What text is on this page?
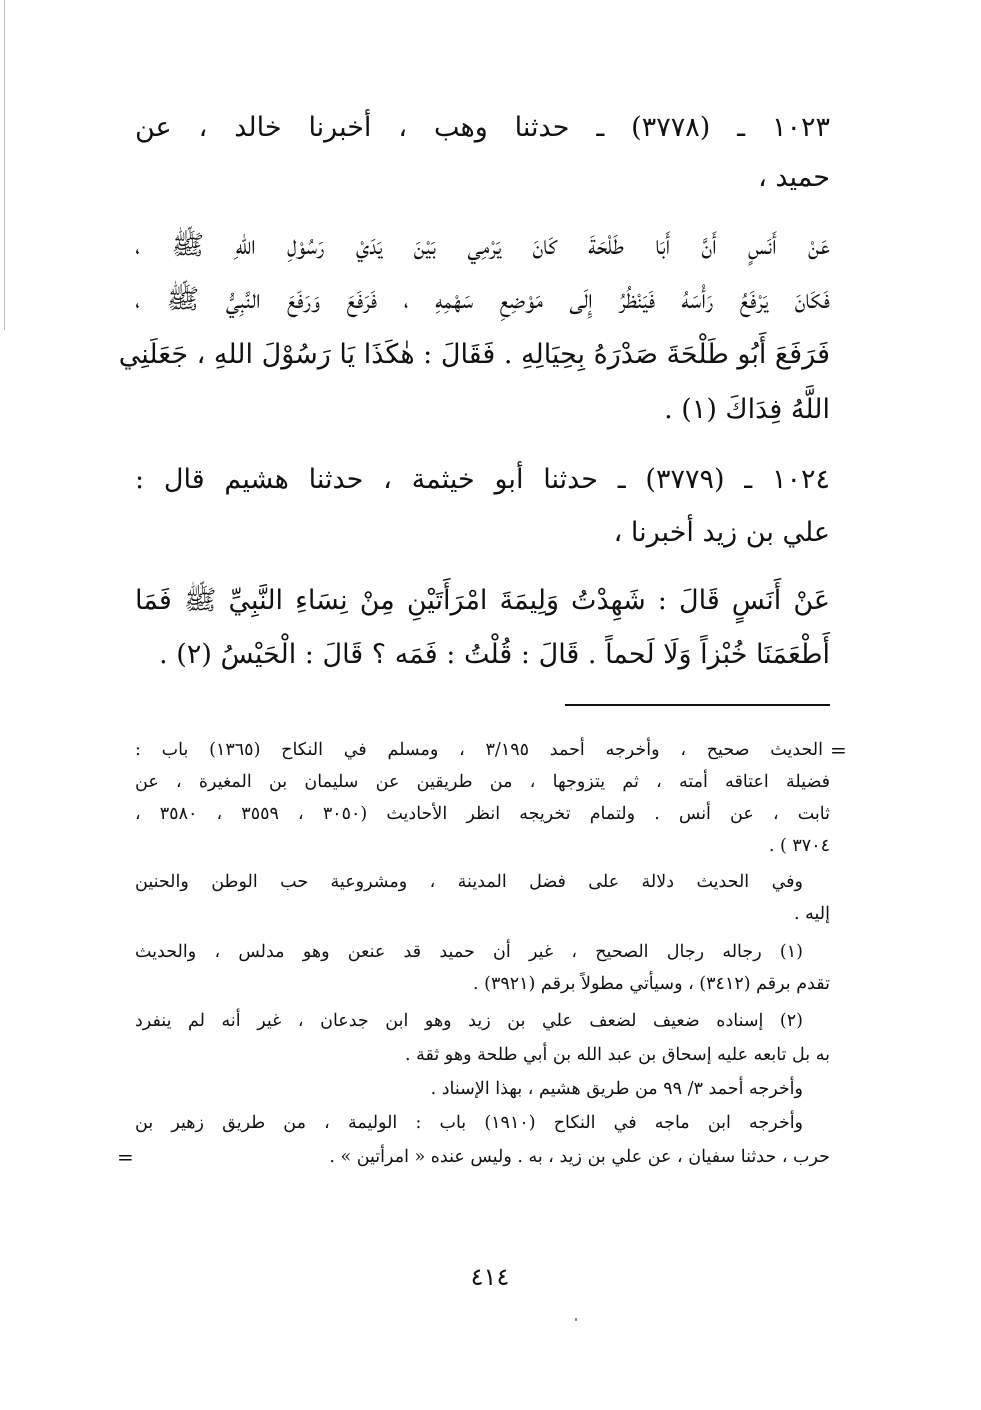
١٠٢٣ ـ (٣٧٧٨) ـ حدثنا وهب ، أخبرنا خالد ، عن
حميد ،
عَنْ أَنَسٍ أَنَّ أَبَا طَلْحَةَ كَانَ يَرْمِي بَيْنَ يَدَيْ رَسُوْلِ اللهِ ﷺ ،
فَكَانَ يَرْفَعُ رَأْسَهُ فَيَنْظُرُ إِلَى مَوْضِعِ سَهْمِهِ ، فَرَفَعَ وَرَفَعَ النَّبِيُّ ﷺ ،
فَرَفَعَ أَبُو طَلْحَةَ صَدْرَهُ بِحِيَالِهِ . فَقَالَ : هٰكَذَا يَا رَسُوْلَ اللهِ ، جَعَلَنِي
اللَّهُ فِدَاكَ (١) .
١٠٢٤ ـ (٣٧٧٩) ـ حدثنا أبو خيثمة ، حدثنا هشيم قال :
علي بن زيد أخبرنا ،
عَنْ أَنَسٍ قَالَ : شَهِدْتُ وَلِيمَةَ امْرَأَتَيْنِ مِنْ نِسَاءِ النَّبِيِّ ﷺ فَمَا
أَطْعَمَنَا خُبْزاً وَلَا لَحماً . قَالَ : قُلْتُ : فَمَه ؟ قَالَ : الْحَيْسُ (٢) .
=
الحديث صحيح ، وأخرجه أحمد ٣/١٩٥ ، ومسلم في النكاح (١٣٦٥) باب :
فضيلة اعتاقه أمته ، ثم يتزوجها ، من طريقين عن سليمان بن المغيرة ، عن
ثابت ، عن أنس . ولتمام تخريجه انظر الأحاديث (٣٠٥٠ ، ٣٥٥٩ ، ٣٥٨٠ ،
٣٧٠٤ ) .
وفي الحديث دلالة على فضل المدينة ، ومشروعية حب الوطن والحنين
إليه .
(١) رجاله رجال الصحيح ، غير أن حميد قد عنعن وهو مدلس ، والحديث
تقدم برقم (٣٤١٢) ، وسيأتي مطولاً برقم (٣٩٢١) .
(٢) إسناده ضعيف لضعف علي بن زيد وهو ابن جدعان ، غير أنه لم ينفرد
به بل تابعه عليه إسحاق بن عبد الله بن أبي طلحة وهو ثقة .
وأخرجه أحمد ٣/ ٩٩ من طريق هشيم ، بهذا الإسناد .
وأخرجه ابن ماجه في النكاح (١٩١٠) باب : الوليمة ، من طريق زهير بن
حرب ، حدثنا سفيان ، عن علي بن زيد ، به . وليس عنده « امرأتين » .
=
٤١٤
